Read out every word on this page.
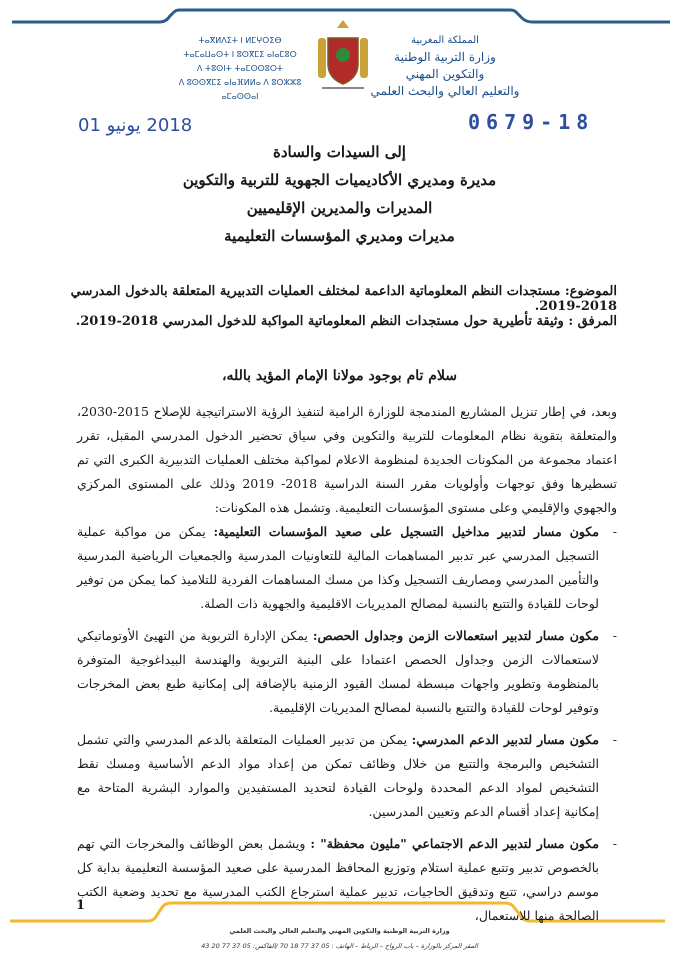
ⵜⴰⴳⵍⴷⵉⵜ ⵏ ⵍⵎⵖⵔⵉⴱ
ⵜⴰⵎⴰⵡⴰⵙⵜ ⵏ ⵓⵙⴳⵎⵉ ⴰⵏⴰⵎⵓⵔ
ⴷ ⵜⵓⵙⵏⵜ ⵜⴰⵎⵙⵙⵓⵔⵜ
ⴷ ⵓⵙⵙⴳⵎⵉ ⴰⵏⴰⴼⵍⵍⴰ ⴷ ⵓⵔⵣⵣⵓ ⴰⵎⴰⵙⵙⴰⵏ
المملكة المغربية
وزارة التربية الوطنية
والتكوين المهني
والتعليم العالي والبحث العلمي
2018 يونيو 01	0679-18
إلى السيدات والسادة
مديرة ومديري الأكاديميات الجهوية للتربية والتكوين
المديرات والمديرين الإقليميين
مديرات ومديري المؤسسات التعليمية
الموضوع: مستجدات النظم المعلوماتية الداعمة لمختلف العمليات التدبيرية المتعلقة بالدخول المدرسي 2018-2019.
المرفق : وثيقة تأطيرية حول مستجدات النظم المعلوماتية المواكبة للدخول المدرسي 2018-2019.
سلام تام بوجود مولانا الإمام المؤيد بالله،
وبعد، في إطار تنزيل المشاريع المندمجة للوزارة الرامية لتنفيذ الرؤية الاستراتيجية للإصلاح 2015-2030، والمتعلقة بتقوية نظام المعلومات للتربية والتكوين وفي سياق تحضير الدخول المدرسي المقبل، تقرر اعتماد مجموعة من المكونات الجديدة لمنظومة الاعلام لمواكبة مختلف العمليات التدبيرية الكبرى التي تم تسطيرها وفق توجهات وأولويات مقرر السنة الدراسية 2018- 2019 وذلك على المستوى المركزي والجهوي والإقليمي وعلى مستوى المؤسسات التعليمية. وتشمل هذه المكونات:
-
مكون مسار لتدبير مداخيل التسجيل على صعيد المؤسسات التعليمية: يمكن من مواكبة عملية التسجيل المدرسي عبر تدبير المساهمات المالية للتعاونيات المدرسية والجمعيات الرياضية المدرسية والتأمين المدرسي ومصاريف التسجيل وكذا من مسك المساهمات الفردية للتلاميذ كما يمكن من توفير لوحات للقيادة والتتبع بالنسبة لمصالح المديريات الاقليمية والجهوية ذات الصلة.
-
مكون مسار لتدبير استعمالات الزمن وجداول الحصص: يمكن الإدارة التربوية من التهيئ الأوتوماتيكي لاستعمالات الزمن وجداول الحصص اعتمادا على البنية التربوية والهندسة البيداغوجية المتوفرة بالمنظومة وتطوير واجهات مبسطة لمسك القيود الزمنية بالإضافة إلى إمكانية طبع بعض المخرجات وتوفير لوحات للقيادة والتتبع بالنسبة لمصالح المديريات الإقليمية.
-
مكون مسار لتدبير الدعم المدرسي: يمكن من تدبير العمليات المتعلقة بالدعم المدرسي والتي تشمل التشخيص والبرمجة والتتبع من خلال وظائف تمكن من إعداد مواد الدعم الأساسية ومسك نقط التشخيص لمواد الدعم المحددة ولوحات القيادة لتحديد المستفيدين والموارد البشرية المتاحة مع إمكانية إعداد أقسام الدعم وتعيين المدرسين.
-
مكون مسار لتدبير الدعم الاجتماعي "مليون محفظة" : ويشمل بعض الوظائف والمخرجات التي تهم بالخصوص تدبير وتتبع عملية استلام وتوزيع المحافظ المدرسية على صعيد المؤسسة التعليمية بداية كل موسم دراسي، تتبع وتدقيق الحاجيات، تدبير عملية استرجاع الكتب المدرسية مع تحديد وضعية الكتب الصالحة منها للاستعمال،
1
وزارة التربية الوطنية والتكوين المهني والتعليم العالي والبحث العلمي
المقر المركز بالوزارة – باب الرواح – الرباط – الهاتف : 05 37 77 18 70 /الفاكس: 05 37 77 20 43
